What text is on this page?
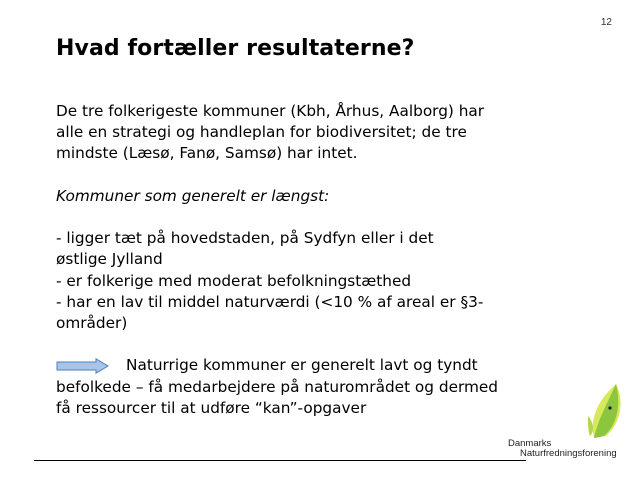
12
Hvad fortæller resultaterne?

De tre folkerigeste kommuner (Kbh, Århus, Aalborg) har

alle en strategi og handleplan for biodiversitet; de tre

mindste (Læsø, Fanø, Samsø) har intet.

Kommuner som generelt er længst:

- ligger tæt på hovedstaden, på Sydfyn eller i det

østlige Jylland

- er folkerige med moderat befolkningstæthed

- har en lav til middel naturværdi (<10 % af areal er §3-

områder)

Naturrige kommuner er generelt lavt og tyndt

befolkede – få medarbejdere på naturområdet og dermed

få ressourcer til at udføre “kan”-opgaver

Danmarks
Naturfredningsforening
